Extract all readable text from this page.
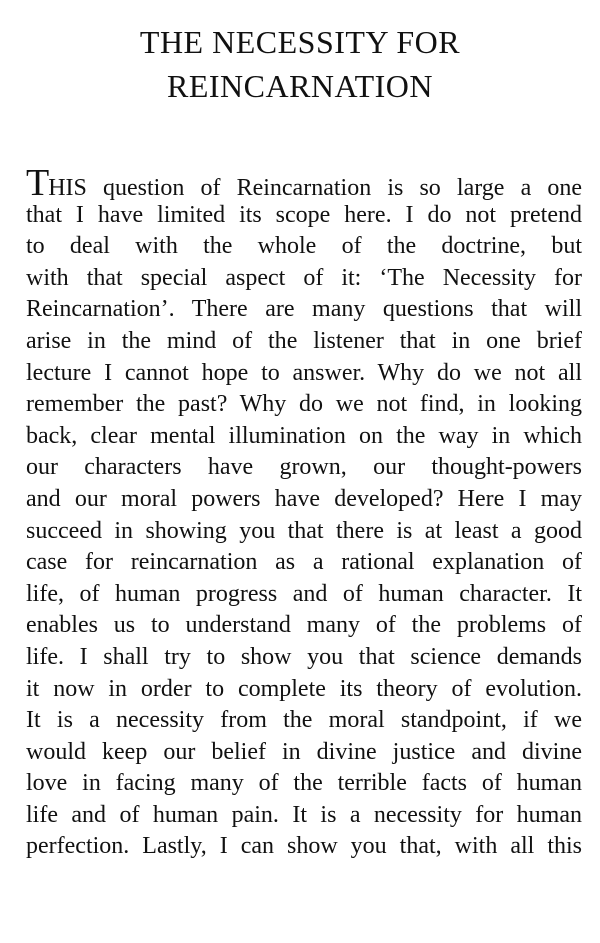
THE NECESSITY FOR
REINCARNATION
THIS question of Reincarnation is so large a one
that I have limited its scope here. I do not pretend
to deal with the whole of the doctrine, but
with that special aspect of it: ‘The Necessity for
Reincarnation’. There are many questions that will
arise in the mind of the listener that in one brief
lecture I cannot hope to answer. Why do we not all
remember the past? Why do we not find, in looking
back, clear mental illumination on the way in which
our characters have grown, our thought-powers
and our moral powers have developed? Here I may
succeed in showing you that there is at least a good
case for reincarnation as a rational explanation of
life, of human progress and of human character. It
enables us to understand many of the problems of
life. I shall try to show you that science demands
it now in order to complete its theory of evolution.
It is a necessity from the moral standpoint, if we
would keep our belief in divine justice and divine
love in facing many of the terrible facts of human
life and of human pain. It is a necessity for human
perfection. Lastly, I can show you that, with all this
